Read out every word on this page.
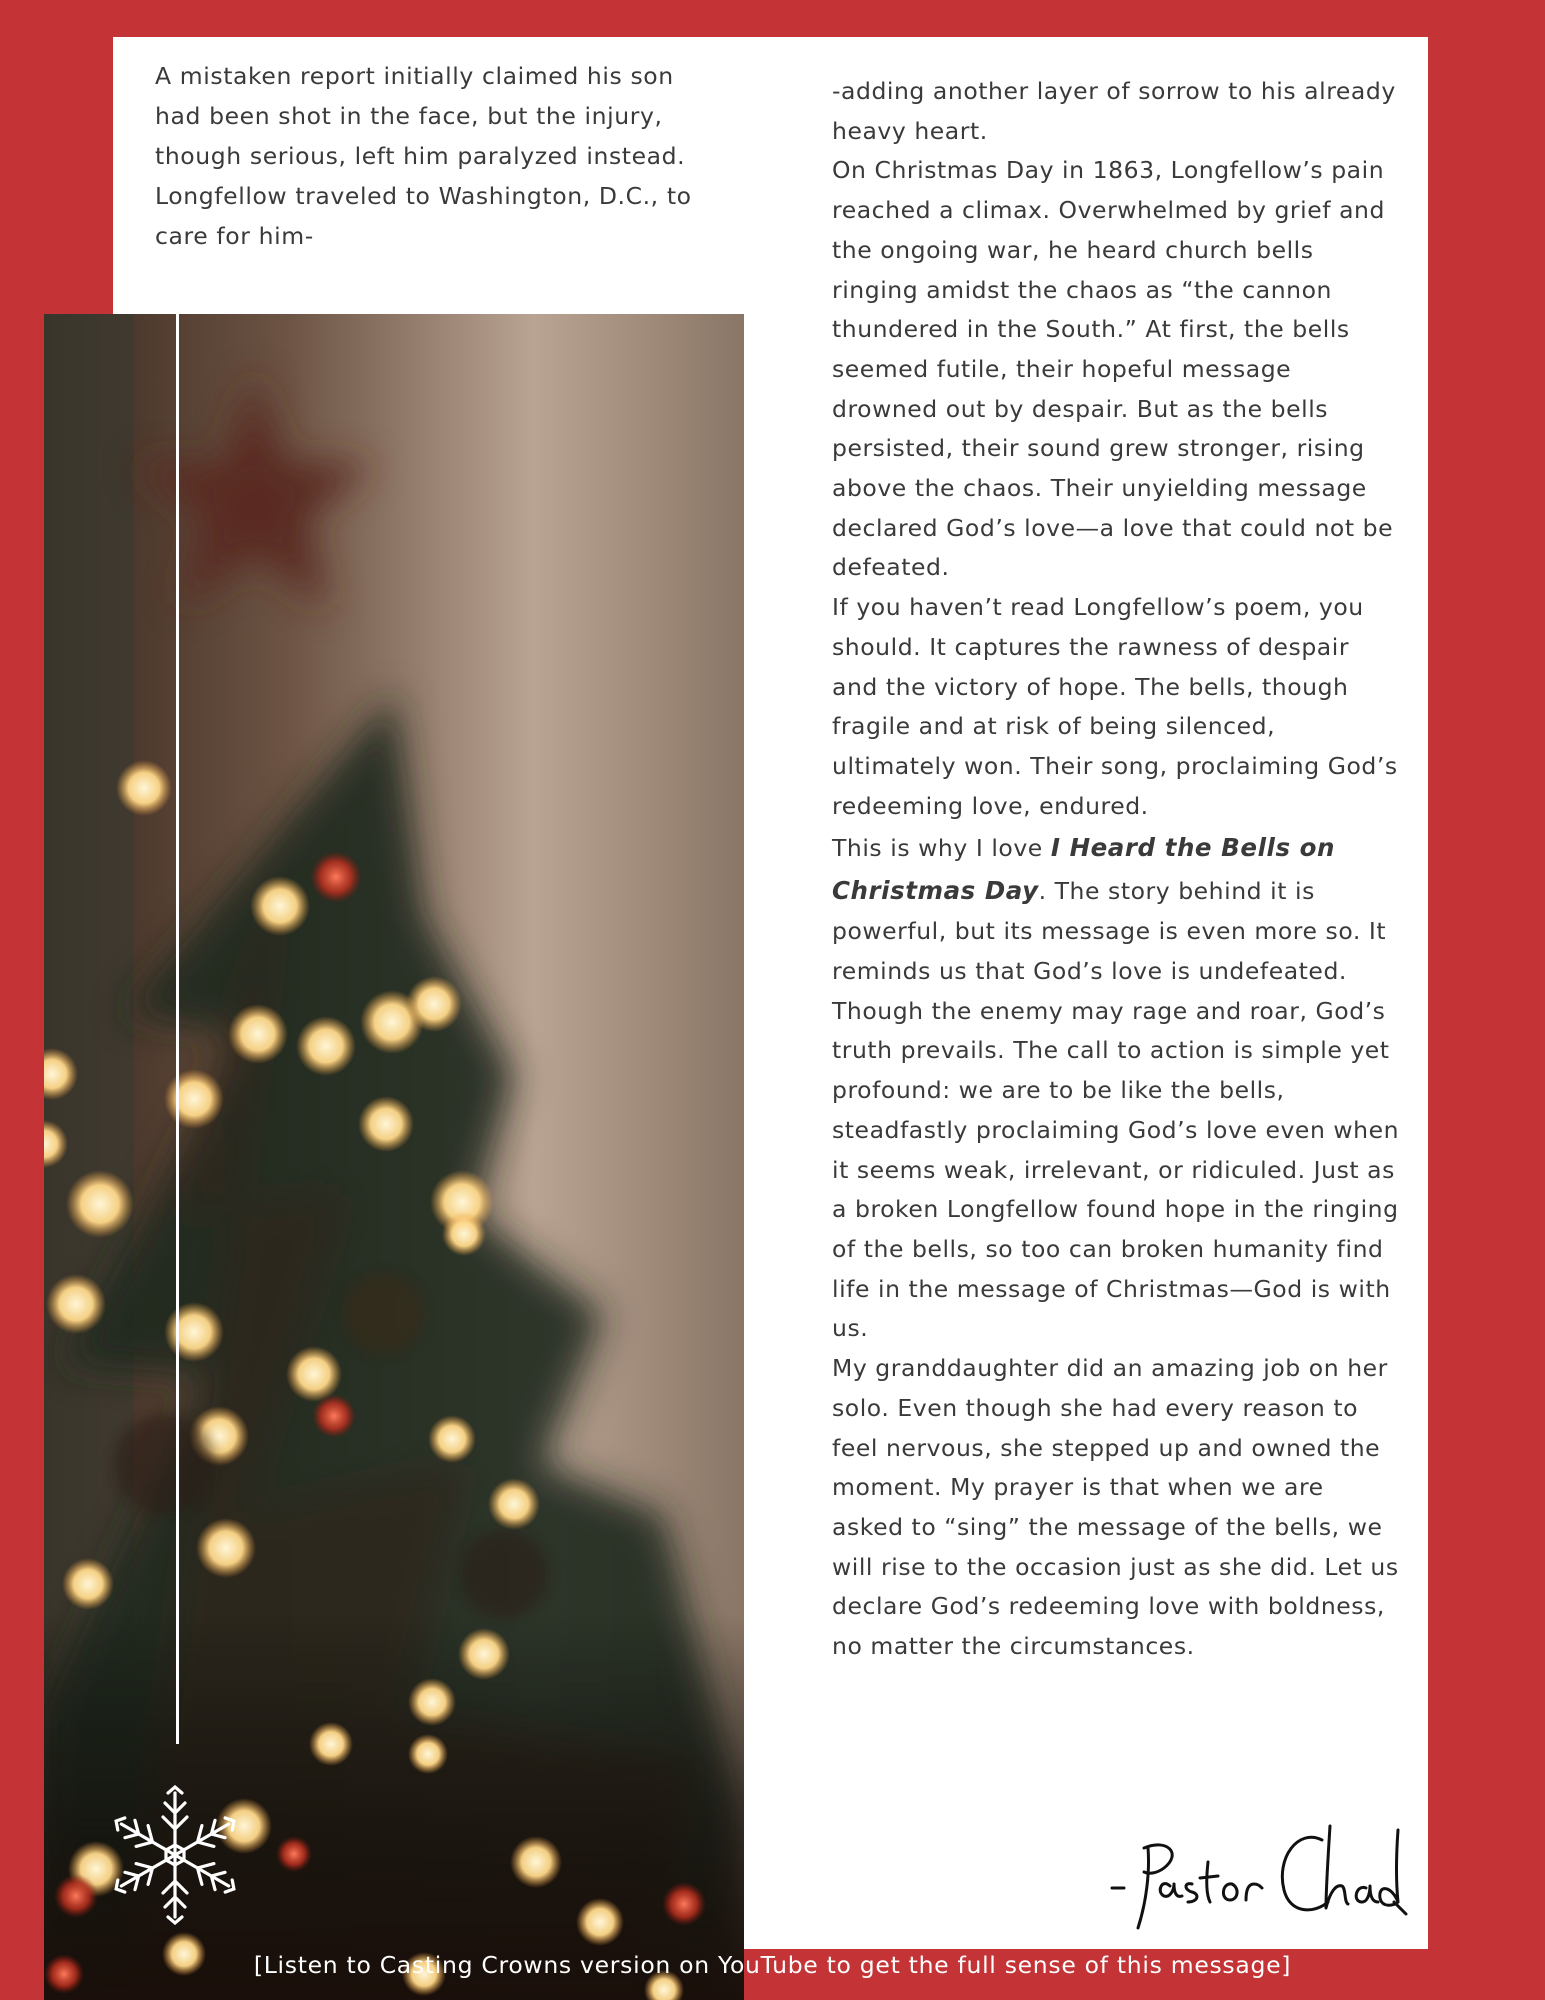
A mistaken report initially claimed his son had been shot in the face, but the injury, though serious, left him paralyzed instead. Longfellow traveled to Washington, D.C., to care for him-

-adding another layer of sorrow to his already heavy heart.

On Christmas Day in 1863, Longfellow’s pain reached a climax. Overwhelmed by grief and the ongoing war, he heard church bells ringing amidst the chaos as “the cannon thundered in the South.” At first, the bells seemed futile, their hopeful message drowned out by despair. But as the bells persisted, their sound grew stronger, rising above the chaos. Their unyielding message declared God’s love—a love that could not be defeated.

If you haven’t read Longfellow’s poem, you should. It captures the rawness of despair and the victory of hope. The bells, though fragile and at risk of being silenced, ultimately won. Their song, proclaiming God’s redeeming love, endured.

This is why I love I Heard the Bells on Christmas Day. The story behind it is powerful, but its message is even more so. It reminds us that God’s love is undefeated. Though the enemy may rage and roar, God’s truth prevails. The call to action is simple yet profound: we are to be like the bells, steadfastly proclaiming God’s love even when it seems weak, irrelevant, or ridiculed. Just as a broken Longfellow found hope in the ringing of the bells, so too can broken humanity find life in the message of Christmas—God is with us.

My granddaughter did an amazing job on her solo. Even though she had every reason to feel nervous, she stepped up and owned the moment. My prayer is that when we are asked to “sing” the message of the bells, we will rise to the occasion just as she did. Let us declare God’s redeeming love with boldness, no matter the circumstances.

[Listen to Casting Crowns version on YouTube to get the full sense of this message]
